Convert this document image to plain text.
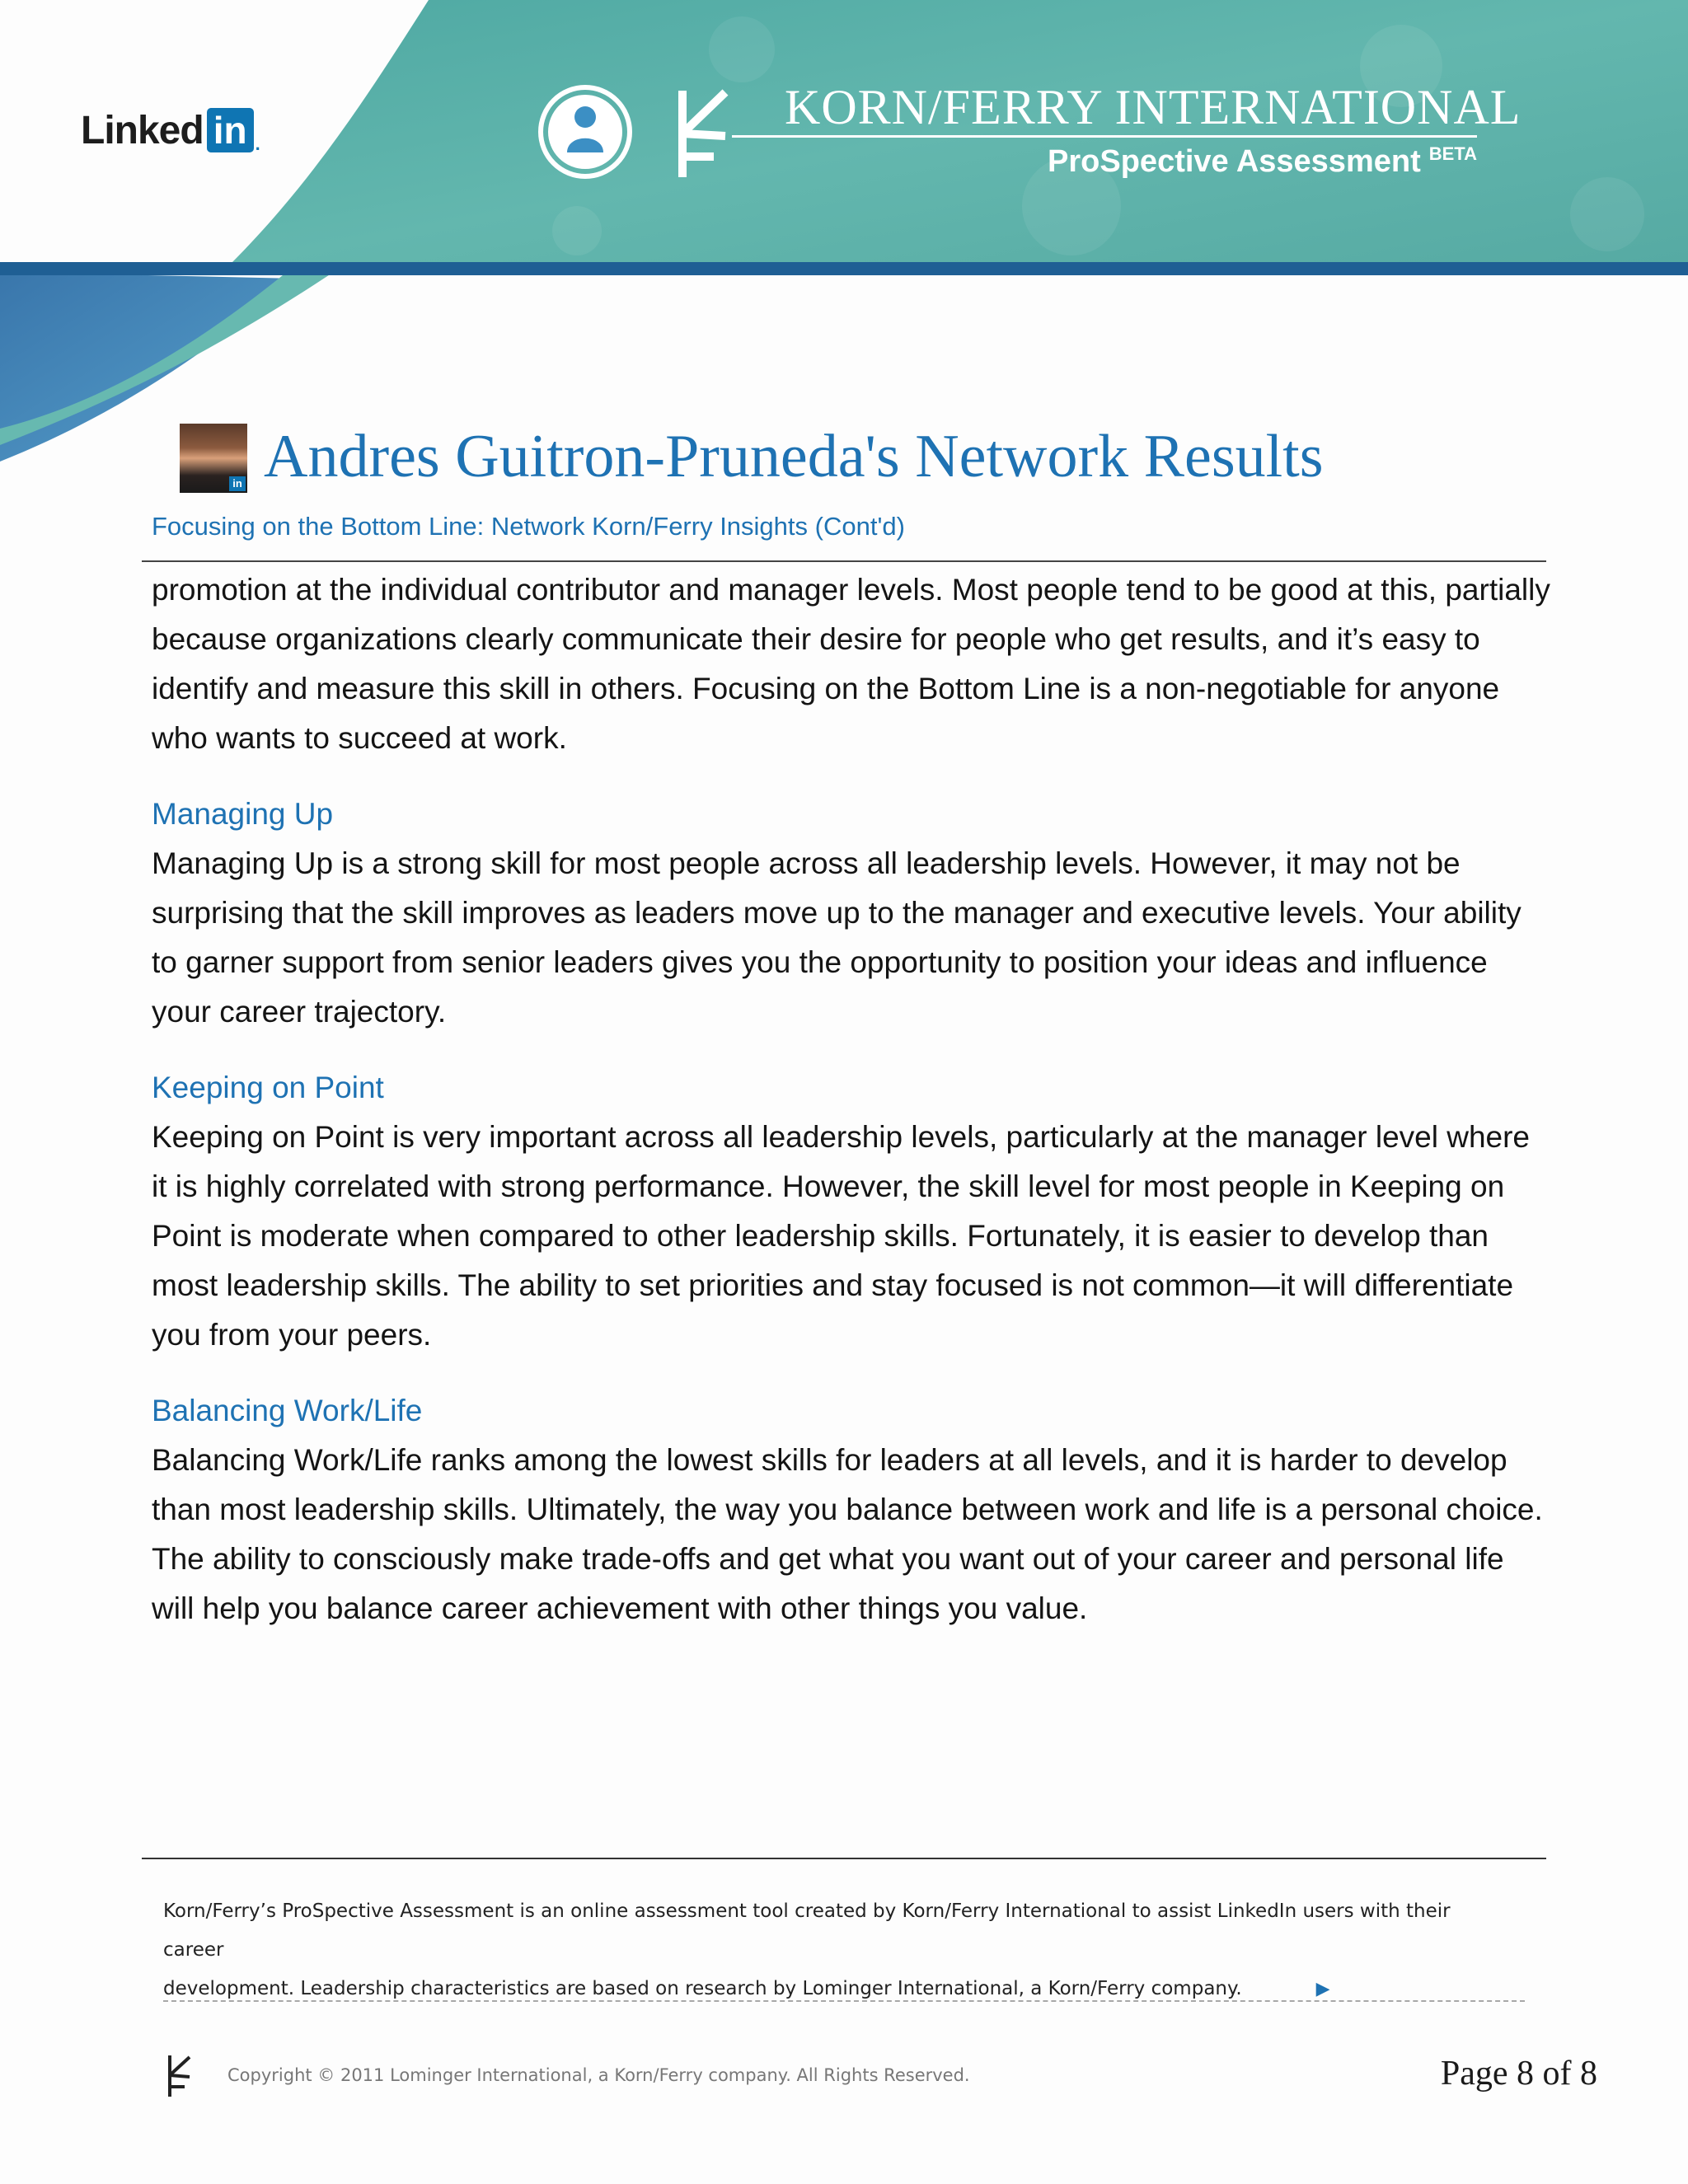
Linked in .
KORN/FERRY INTERNATIONAL
ProSpective Assessment $^{BETA}$
in Andres Guitron-Pruneda's Network Results
Focusing on the Bottom Line: Network Korn/Ferry Insights (Cont'd)

promotion at the individual contributor and manager levels. Most people tend to be good at this, partially because organizations clearly communicate their desire for people who get results, and it’s easy to identify and measure this skill in others. Focusing on the Bottom Line is a non-negotiable for anyone who wants to succeed at work.

Managing Up

Managing Up is a strong skill for most people across all leadership levels. However, it may not be surprising that the skill improves as leaders move up to the manager and executive levels. Your ability to garner support from senior leaders gives you the opportunity to position your ideas and influence your career trajectory.

Keeping on Point

Keeping on Point is very important across all leadership levels, particularly at the manager level where it is highly correlated with strong performance. However, the skill level for most people in Keeping on Point is moderate when compared to other leadership skills. Fortunately, it is easier to develop than most leadership skills. The ability to set priorities and stay focused is not common—it will differentiate you from your peers.

Balancing Work/Life

Balancing Work/Life ranks among the lowest skills for leaders at all levels, and it is harder to develop than most leadership skills. Ultimately, the way you balance between work and life is a personal choice. The ability to consciously make trade-offs and get what you want out of your career and personal life will help you balance career achievement with other things you value.

Korn/Ferry’s ProSpective Assessment is an online assessment tool created by Korn/Ferry International to assist LinkedIn users with their career
development. Leadership characteristics are based on research by Lominger International, a Korn/Ferry company.	▶
Copyright © 2011 Lominger International, a Korn/Ferry company. All Rights Reserved.	Page 8 of 8
